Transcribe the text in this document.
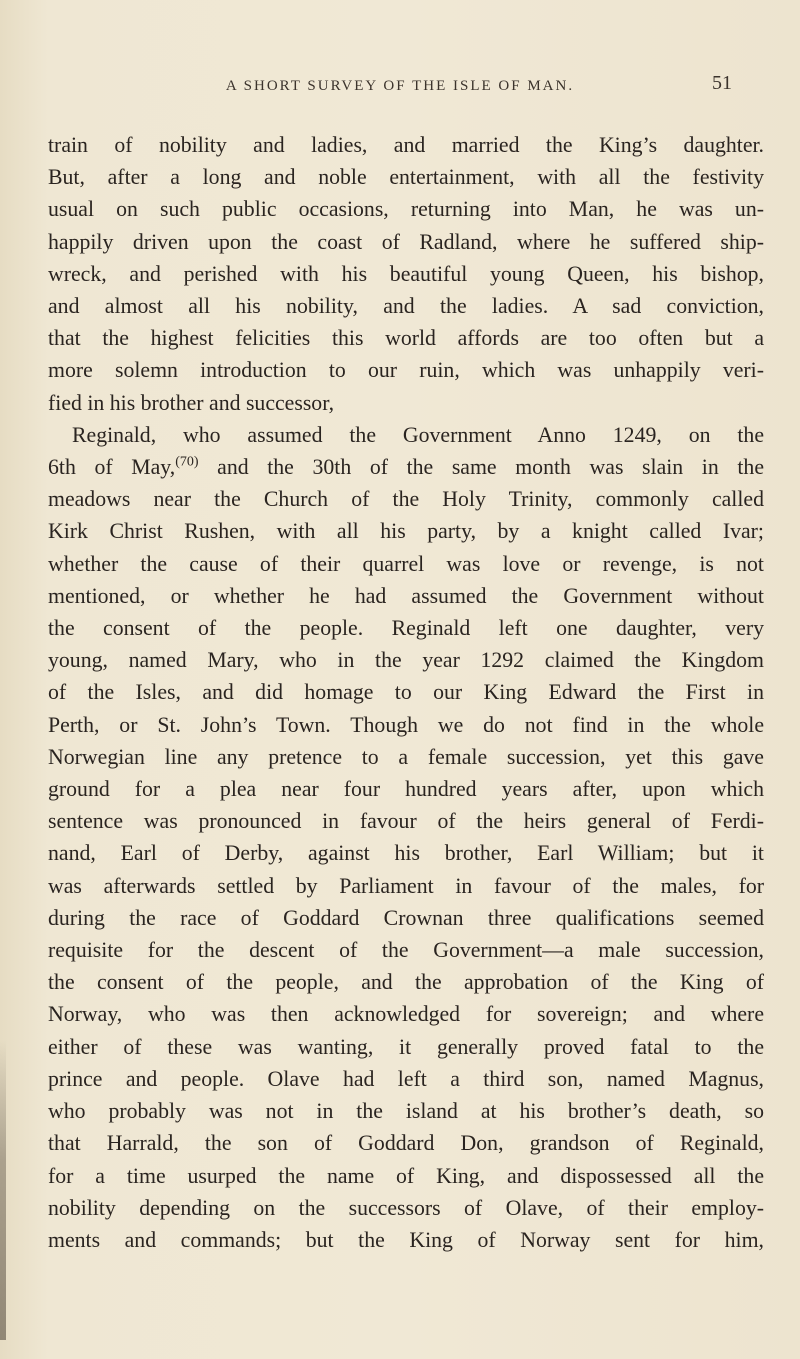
A SHORT SURVEY OF THE ISLE OF MAN.	51
train of nobility and ladies, and married the King’s daughter.
But, after a long and noble entertainment, with all the festivity
usual on such public occasions, returning into Man, he was un-
happily driven upon the coast of Radland, where he suffered ship-
wreck, and perished with his beautiful young Queen, his bishop,
and almost all his nobility, and the ladies. A sad conviction,
that the highest felicities this world affords are too often but a
more solemn introduction to our ruin, which was unhappily veri-
fied in his brother and successor,
Reginald, who assumed the Government Anno 1249, on the
6th of May,$^{(70)}$ and the 30th of the same month was slain in the
meadows near the Church of the Holy Trinity, commonly called
Kirk Christ Rushen, with all his party, by a knight called Ivar;
whether the cause of their quarrel was love or revenge, is not
mentioned, or whether he had assumed the Government without
the consent of the people. Reginald left one daughter, very
young, named Mary, who in the year 1292 claimed the Kingdom
of the Isles, and did homage to our King Edward the First in
Perth, or St. John’s Town. Though we do not find in the whole
Norwegian line any pretence to a female succession, yet this gave
ground for a plea near four hundred years after, upon which
sentence was pronounced in favour of the heirs general of Ferdi-
nand, Earl of Derby, against his brother, Earl William; but it
was afterwards settled by Parliament in favour of the males, for
during the race of Goddard Crownan three qualifications seemed
requisite for the descent of the Government—a male succession,
the consent of the people, and the approbation of the King of
Norway, who was then acknowledged for sovereign; and where
either of these was wanting, it generally proved fatal to the
prince and people. Olave had left a third son, named Magnus,
who probably was not in the island at his brother’s death, so
that Harrald, the son of Goddard Don, grandson of Reginald,
for a time usurped the name of King, and dispossessed all the
nobility depending on the successors of Olave, of their employ-
ments and commands; but the King of Norway sent for him,
